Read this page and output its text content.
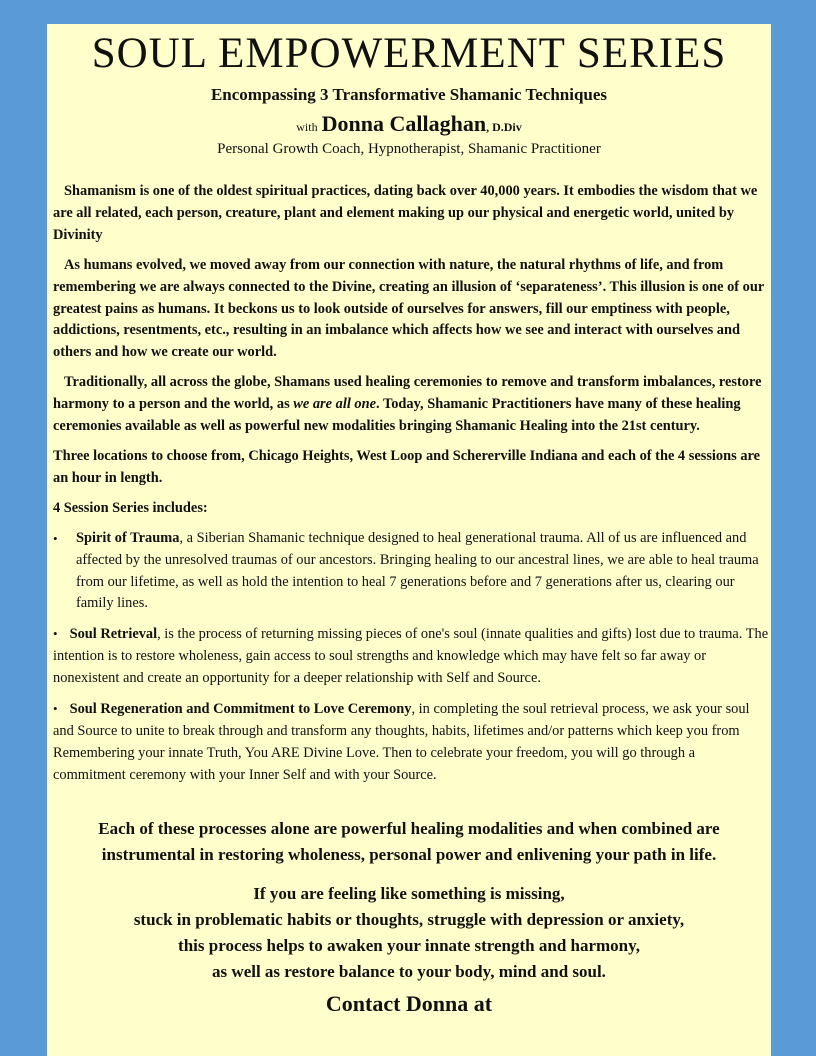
SOUL EMPOWERMENT SERIES
Encompassing 3 Transformative Shamanic Techniques
with Donna Callaghan, D.Div
Personal Growth Coach, Hypnotherapist, Shamanic Practitioner

Shamanism is one of the oldest spiritual practices, dating back over 40,000 years. It embodies the wisdom that we are all related, each person, creature, plant and element making up our physical and energetic world, united by Divinity

As humans evolved, we moved away from our connection with nature, the natural rhythms of life, and from remembering we are always connected to the Divine, creating an illusion of ‘separateness’. This illusion is one of our greatest pains as humans. It beckons us to look outside of ourselves for answers, fill our emptiness with people, addictions, resentments, etc., resulting in an imbalance which affects how we see and interact with ourselves and others and how we create our world.

Traditionally, all across the globe, Shamans used healing ceremonies to remove and transform imbalances, restore harmony to a person and the world, as we are all one. Today, Shamanic Practitioners have many of these healing ceremonies available as well as powerful new modalities bringing Shamanic Healing into the 21st century.

Three locations to choose from, Chicago Heights, West Loop and Schererville Indiana and each of the 4 sessions are an hour in length.

4 Session Series includes:

• Spirit of Trauma, a Siberian Shamanic technique designed to heal generational trauma. All of us are influenced and affected by the unresolved traumas of our ancestors. Bringing healing to our ancestral lines, we are able to heal trauma from our lifetime, as well as hold the intention to heal 7 generations before and 7 generations after us, clearing our family lines.

• Soul Retrieval, is the process of returning missing pieces of one's soul (innate qualities and gifts) lost due to trauma. The intention is to restore wholeness, gain access to soul strengths and knowledge which may have felt so far away or nonexistent and create an opportunity for a deeper relationship with Self and Source.

• Soul Regeneration and Commitment to Love Ceremony, in completing the soul retrieval process, we ask your soul and Source to unite to break through and transform any thoughts, habits, lifetimes and/or patterns which keep you from Remembering your innate Truth, You ARE Divine Love. Then to celebrate your freedom, you will go through a commitment ceremony with your Inner Self and with your Source.

Each of these processes alone are powerful healing modalities and when combined are
instrumental in restoring wholeness, personal power and enlivening your path in life.
If you are feeling like something is missing,
stuck in problematic habits or thoughts, struggle with depression or anxiety,
this process helps to awaken your innate strength and harmony,
as well as restore balance to your body, mind and soul.
Contact Donna at
